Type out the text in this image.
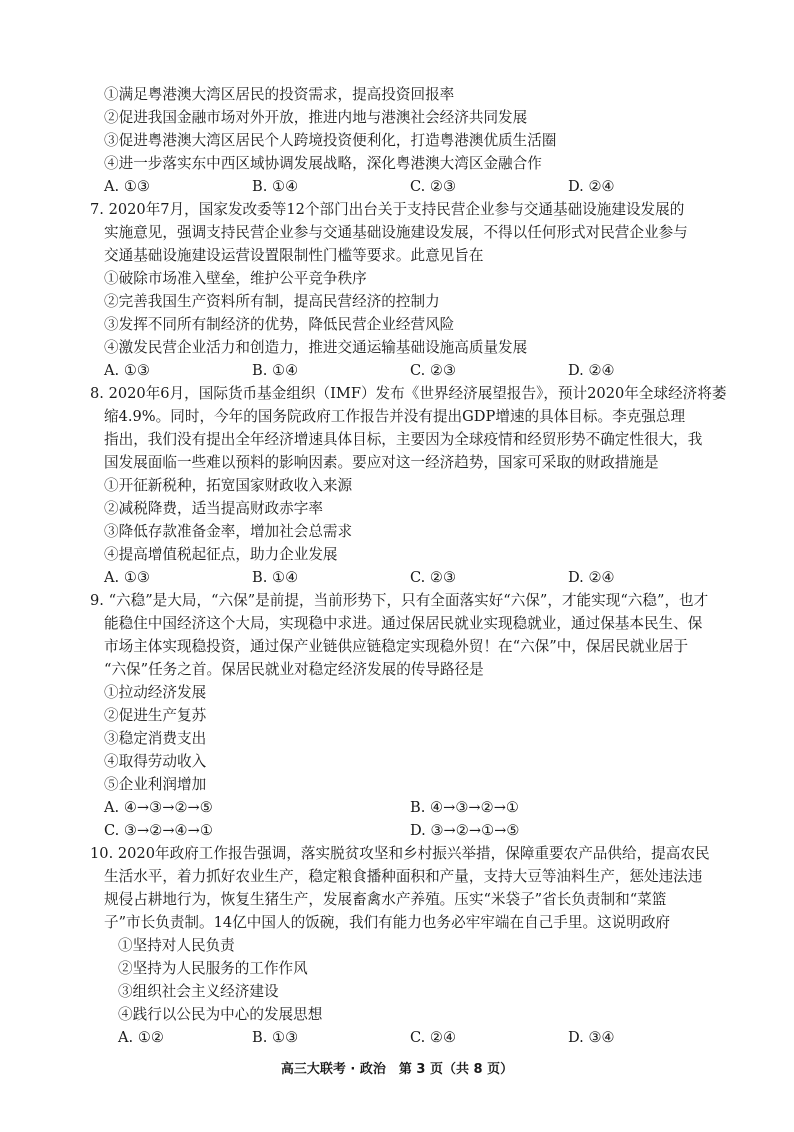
①满足粤港澳大湾区居民的投资需求，提高投资回报率
②促进我国金融市场对外开放，推进内地与港澳社会经济共同发展
③促进粤港澳大湾区居民个人跨境投资便利化，打造粤港澳优质生活圈
④进一步落实东中西区域协调发展战略，深化粤港澳大湾区金融合作
A. ①③	B. ①④	C. ②③	D. ②④
7. 2020年7月，国家发改委等12个部门出台关于支持民营企业参与交通基础设施建设发展的
实施意见，强调支持民营企业参与交通基础设施建设发展，不得以任何形式对民营企业参与
交通基础设施建设运营设置限制性门槛等要求。此意见旨在
①破除市场准入壁垒，维护公平竞争秩序
②完善我国生产资料所有制，提高民营经济的控制力
③发挥不同所有制经济的优势，降低民营企业经营风险
④激发民营企业活力和创造力，推进交通运输基础设施高质量发展
A. ①③	B. ①④	C. ②③	D. ②④
8. 2020年6月，国际货币基金组织（IMF）发布《世界经济展望报告》，预计2020年全球经济将萎
缩4.9%。同时，今年的国务院政府工作报告并没有提出GDP增速的具体目标。李克强总理
指出，我们没有提出全年经济增速具体目标，主要因为全球疫情和经贸形势不确定性很大，我
国发展面临一些难以预料的影响因素。要应对这一经济趋势，国家可采取的财政措施是
①开征新税种，拓宽国家财政收入来源
②减税降费，适当提高财政赤字率
③降低存款准备金率，增加社会总需求
④提高增值税起征点，助力企业发展
A. ①③	B. ①④	C. ②③	D. ②④
9. “六稳”是大局，“六保”是前提，当前形势下，只有全面落实好“六保”，才能实现“六稳”，也才
能稳住中国经济这个大局，实现稳中求进。通过保居民就业实现稳就业，通过保基本民生、保
市场主体实现稳投资，通过保产业链供应链稳定实现稳外贸！在“六保”中，保居民就业居于
“六保”任务之首。保居民就业对稳定经济发展的传导路径是
①拉动经济发展
②促进生产复苏
③稳定消费支出
④取得劳动收入
⑤企业利润增加
A. ④→③→②→⑤	B. ④→③→②→①
C. ③→②→④→①	D. ③→②→①→⑤
10. 2020年政府工作报告强调，落实脱贫攻坚和乡村振兴举措，保障重要农产品供给，提高农民
生活水平，着力抓好农业生产，稳定粮食播种面积和产量，支持大豆等油料生产，惩处违法违
规侵占耕地行为，恢复生猪生产，发展畜禽水产养殖。压实“米袋子”省长负责制和“菜篮
子”市长负责制。14亿中国人的饭碗，我们有能力也务必牢牢端在自己手里。这说明政府
①坚持对人民负责
②坚持为人民服务的工作作风
③组织社会主义经济建设
④践行以公民为中心的发展思想
A. ①②	B. ①③	C. ②④	D. ③④
高三大联考 · 政治　第 3 页（共 8 页）
